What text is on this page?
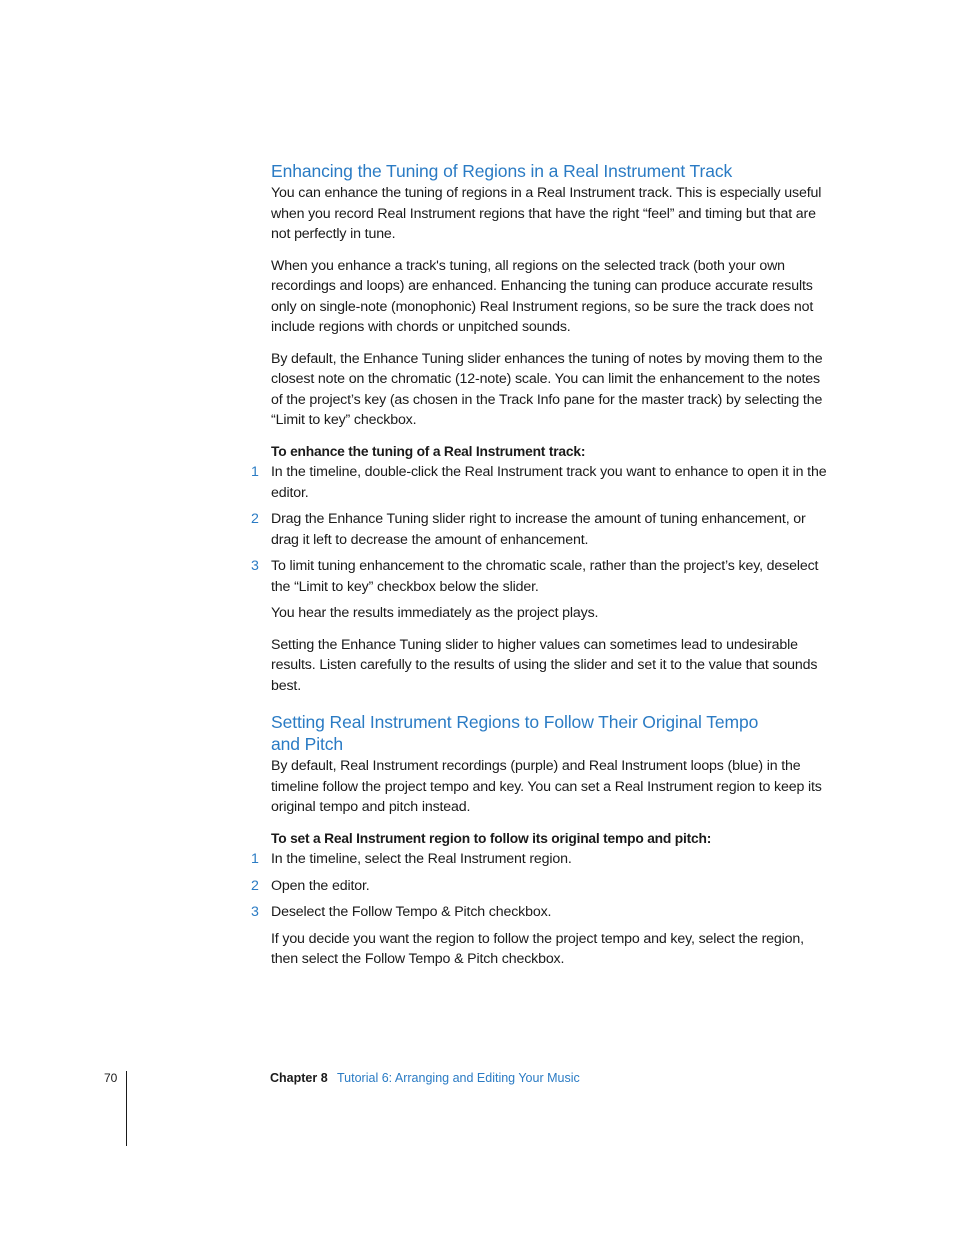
Enhancing the Tuning of Regions in a Real Instrument Track

You can enhance the tuning of regions in a Real Instrument track. This is especially useful when you record Real Instrument regions that have the right “feel” and timing but that are not perfectly in tune.

When you enhance a track's tuning, all regions on the selected track (both your own recordings and loops) are enhanced. Enhancing the tuning can produce accurate results only on single-note (monophonic) Real Instrument regions, so be sure the track does not include regions with chords or unpitched sounds.

By default, the Enhance Tuning slider enhances the tuning of notes by moving them to the closest note on the chromatic (12-note) scale. You can limit the enhancement to the notes of the project’s key (as chosen in the Track Info pane for the master track) by selecting the “Limit to key” checkbox.

To enhance the tuning of a Real Instrument track:

1 In the timeline, double-click the Real Instrument track you want to enhance to open it in the editor.
2 Drag the Enhance Tuning slider right to increase the amount of tuning enhancement, or drag it left to decrease the amount of enhancement.
3 To limit tuning enhancement to the chromatic scale, rather than the project’s key, deselect the “Limit to key” checkbox below the slider.

You hear the results immediately as the project plays.

Setting the Enhance Tuning slider to higher values can sometimes lead to undesirable results. Listen carefully to the results of using the slider and set it to the value that sounds best.

Setting Real Instrument Regions to Follow Their Original Tempo
and Pitch

By default, Real Instrument recordings (purple) and Real Instrument loops (blue) in the timeline follow the project tempo and key. You can set a Real Instrument region to keep its original tempo and pitch instead.

To set a Real Instrument region to follow its original tempo and pitch:

1 In the timeline, select the Real Instrument region.
2 Open the editor.
3 Deselect the Follow Tempo & Pitch checkbox.

If you decide you want the region to follow the project tempo and key, select the region, then select the Follow Tempo & Pitch checkbox.

70	Chapter 8 Tutorial 6: Arranging and Editing Your Music
